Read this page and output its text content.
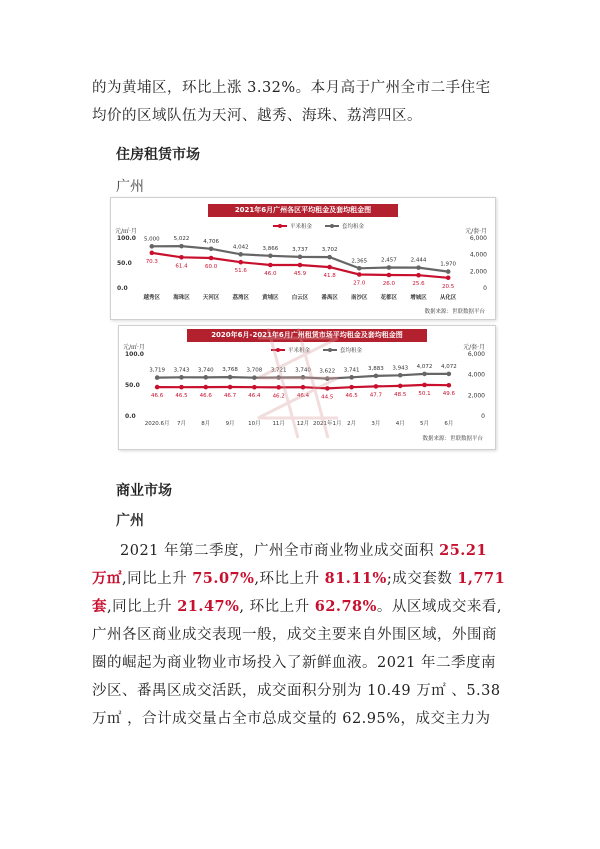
的为黄埔区，环比上涨 3.32%。本月高于广州全市二手住宅
均价的区域队伍为天河、越秀、海珠、荔湾四区。
住房租赁市场
广州
2021年6月广州各区平均租金及套均租金图
元/㎡·月	元/套·月
100.0
50.0
0.0
6,000
4,000
2,000
0
平米租金	套均租金
70.3
61.4	60.0
51.6	46.0	45.9	41.8
27.0	26.0	25.6	20.5
5,000	5,022	4,706
4,042	3,866	3,737	3,702
2,365	2,457	2,444
1,970
越秀区 海珠区 天河区 荔湾区 黄埔区 白云区 番禺区 南沙区 花都区 增城区 从化区
数据来源：世联数据平台
2020年6月-2021年6月广州租赁市场平均租金及套均租金图
元/㎡·月	元/套·月
100.0
50.0
0.0
6,000
4,000
2,000
0
平米租金	套均租金
46.6 46.5 46.6 46.7 46.4 46.2 46.4 44.5 46.5 47.7 48.5 50.1 49.6
3,719 3,743 3,740 3,768 3,708 3,721 3,740 3,622 3,741 3,883 3,943 4,072 4,072
2020.6月 7月	8月	9月 10月 11月 12月 2021年1月 2月	3月	4月	5月	6月
数据来源：世联数据平台
商业市场
广州
2021 年第二季度，广州全市商业物业成交面积 25.21
万㎡,同比上升 75.07%,环比上升 81.11%;成交套数 1,771
套,同比上升 21.47%, 环比上升 62.78%。从区域成交来看,
广州各区商业成交表现一般，成交主要来自外围区域，外围商
圈的崛起为商业物业市场投入了新鲜血液。2021 年二季度南
沙区、番禺区成交活跃，成交面积分别为 10.49 万㎡ 、5.38
万㎡ ，合计成交量占全市总成交量的 62.95%，成交主力为
